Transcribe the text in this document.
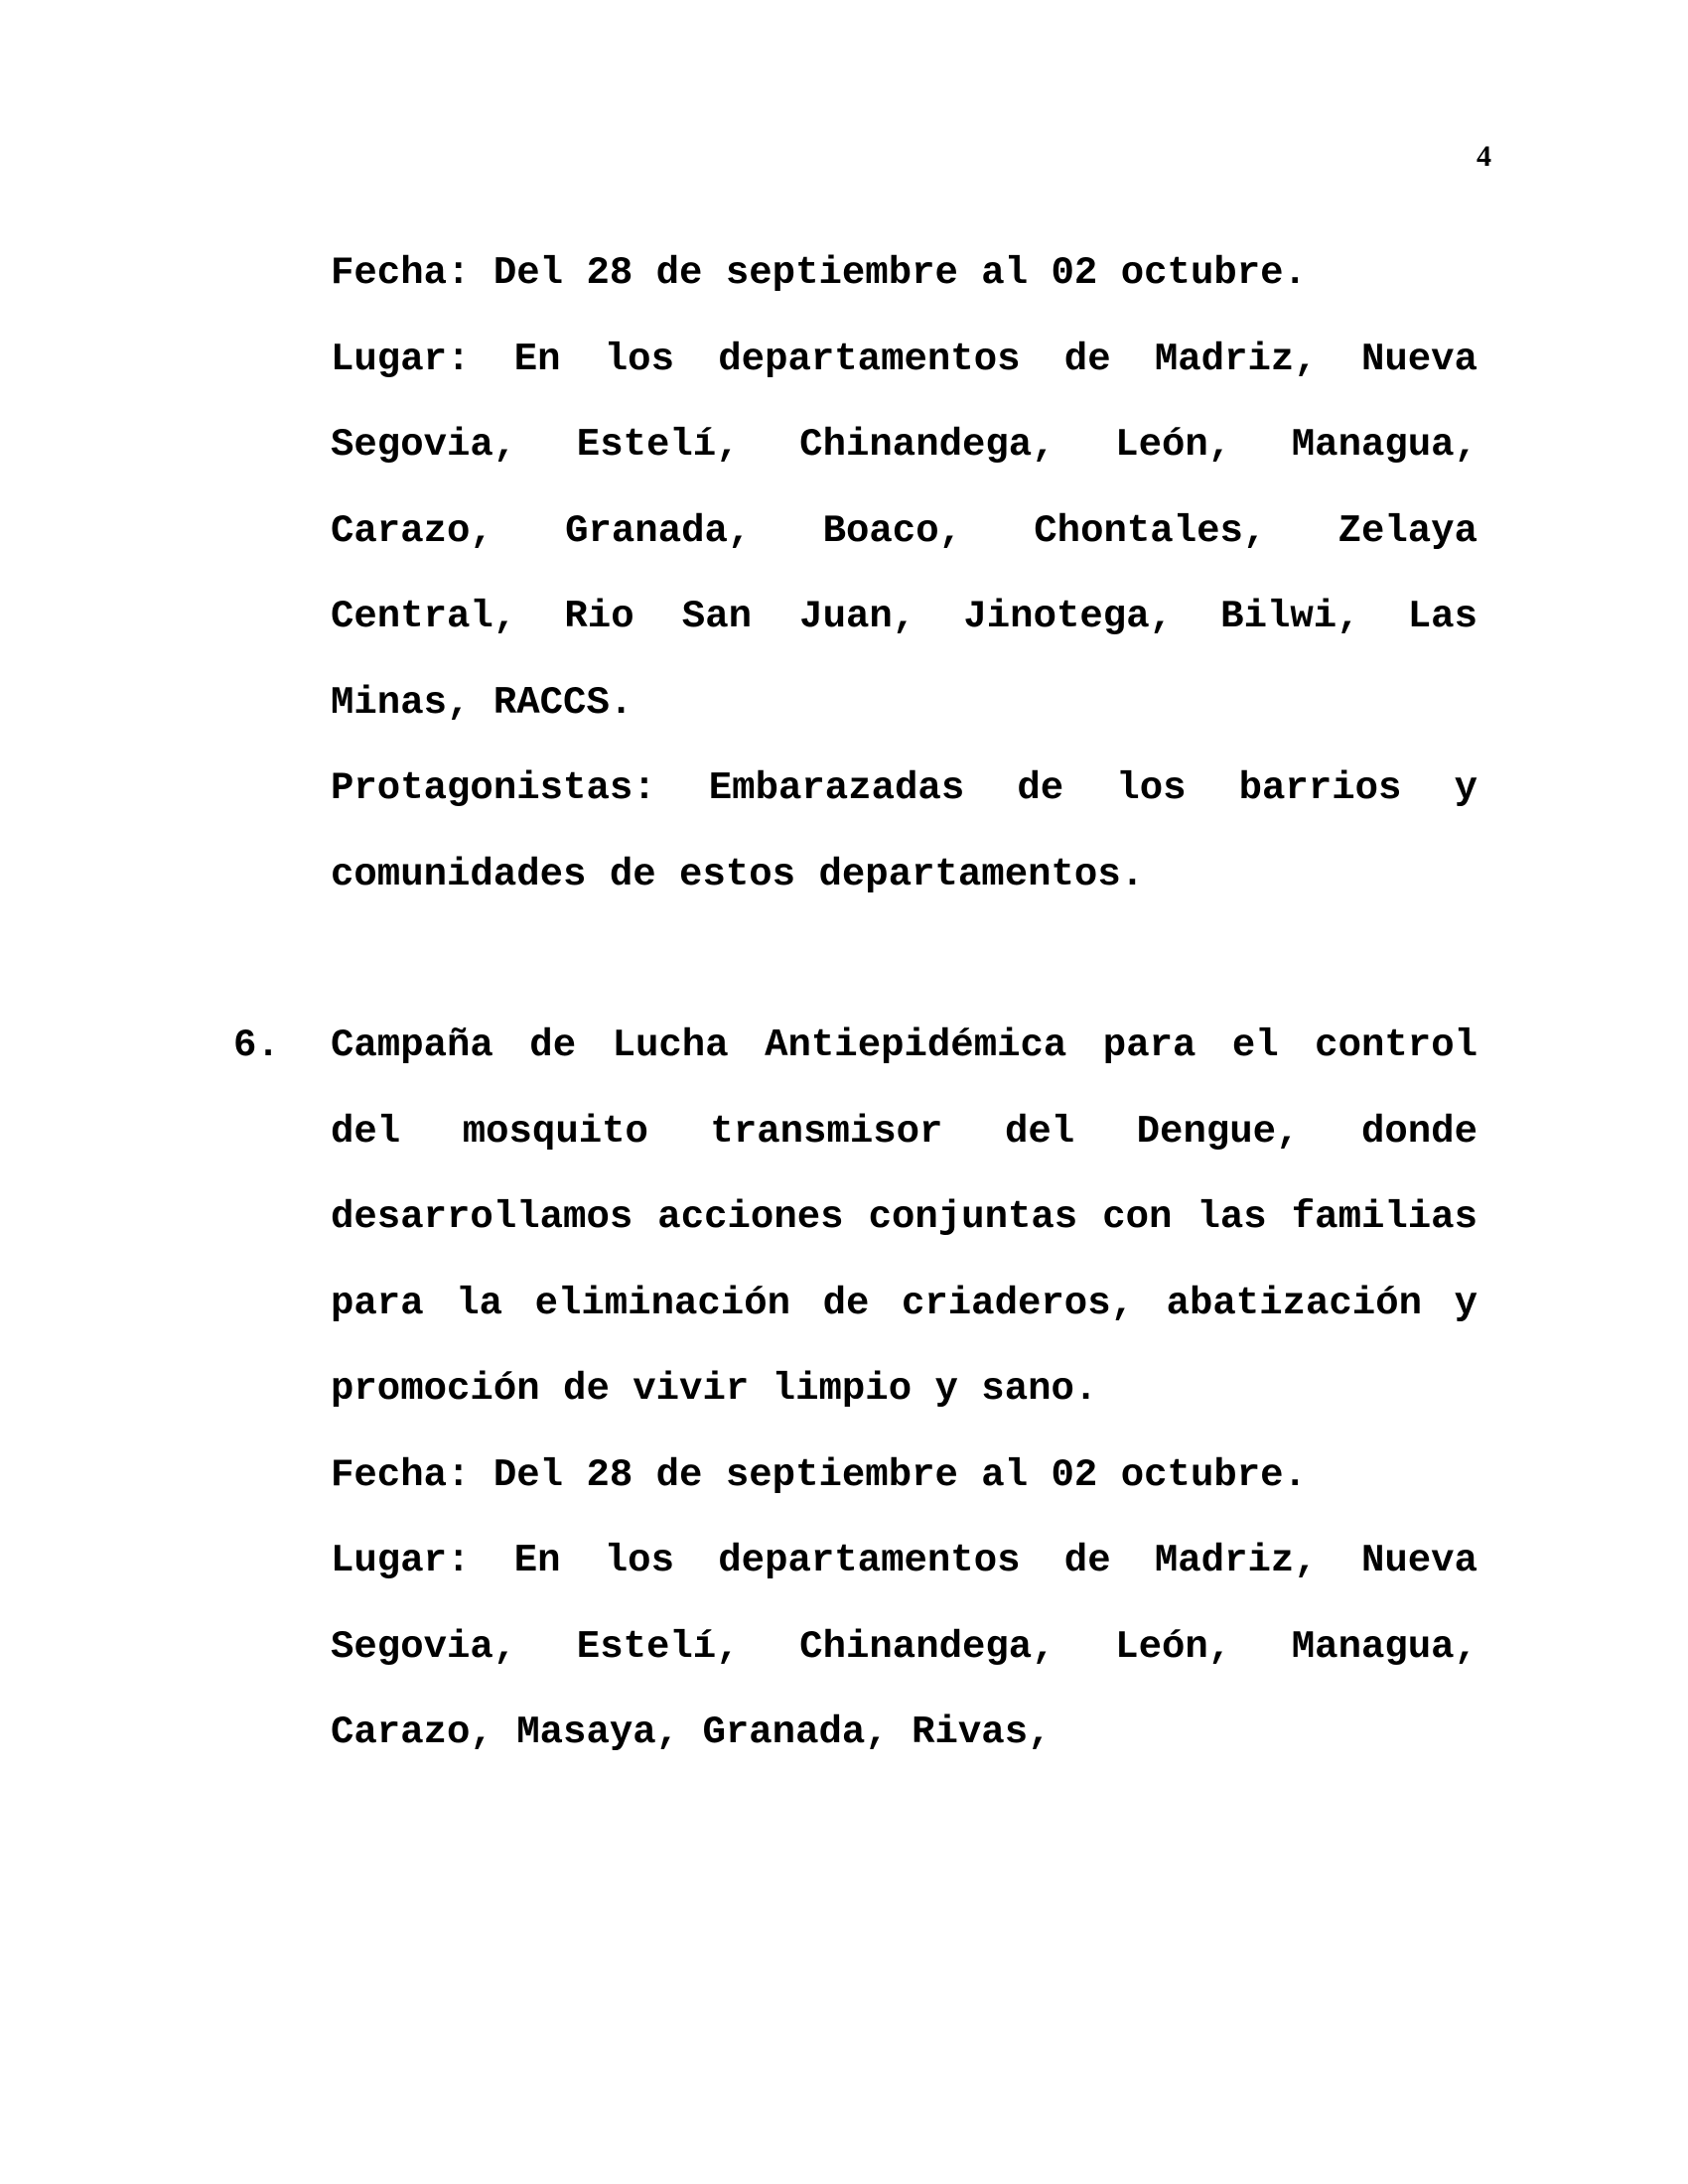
4

Fecha: Del 28 de septiembre al 02 octubre.

Lugar: En los departamentos de Madriz, Nueva Segovia, Estelí, Chinandega, León, Managua, Carazo, Granada, Boaco, Chontales, Zelaya Central, Rio San Juan, Jinotega, Bilwi, Las Minas, RACCS.

Protagonistas: Embarazadas de los barrios y comunidades de estos departamentos.

6. Campaña de Lucha Antiepidémica para el control del mosquito transmisor del Dengue, donde desarrollamos acciones conjuntas con las familias para la eliminación de criaderos, abatización y promoción de vivir limpio y sano.

Fecha: Del 28 de septiembre al 02 octubre.

Lugar: En los departamentos de Madriz, Nueva Segovia, Estelí, Chinandega, León, Managua, Carazo, Masaya, Granada, Rivas,
